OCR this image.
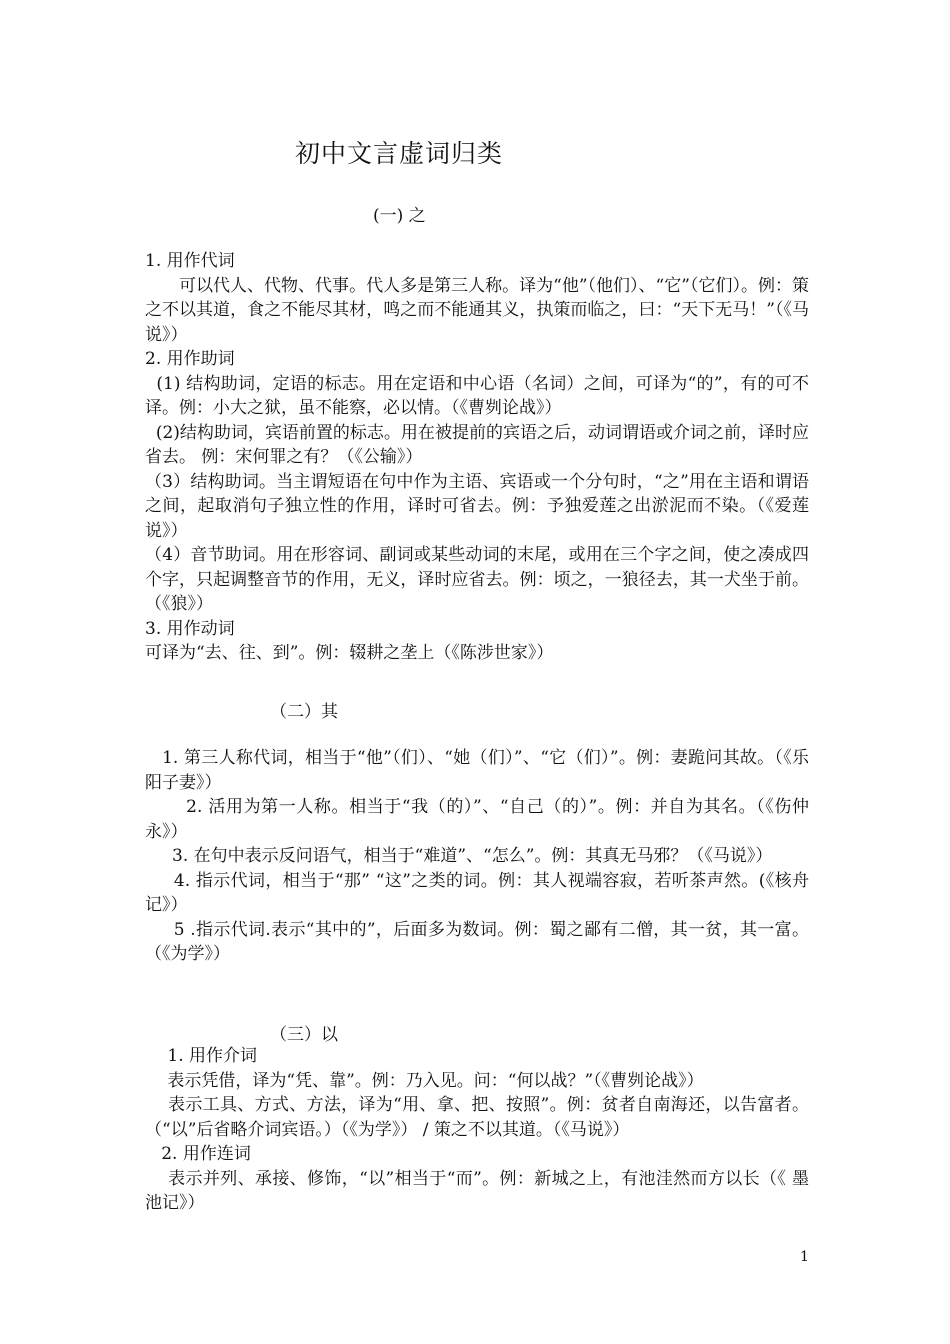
初中文言虚词归类
(一) 之

1. 用作代词

　　可以代人、代物、代事。代人多是第三人称。译为“他”（他们）、“它”（它们）。例：策之不以其道，食之不能尽其材，鸣之而不能通其义，执策而临之，曰：“天下无马！”（《马说》）

2. 用作助词

(1) 结构助词，定语的标志。用在定语和中心语（名词）之间，可译为“的”，有的可不译。例：小大之狱，虽不能察，必以情。（《曹刿论战》）

(2)结构助词，宾语前置的标志。用在被提前的宾语之后，动词谓语或介词之前，译时应省去。 例：宋何罪之有？（《公输》）

（3）结构助词。当主谓短语在句中作为主语、宾语或一个分句时，“之”用在主语和谓语之间，起取消句子独立性的作用，译时可省去。例：予独爱莲之出淤泥而不染。（《爱莲说》）

（4）音节助词。用在形容词、副词或某些动词的末尾，或用在三个字之间，使之凑成四个字，只起调整音节的作用，无义，译时应省去。例：顷之，一狼径去，其一犬坐于前。（《狼》）

3. 用作动词

可译为“去、往、到”。例：辍耕之垄上（《陈涉世家》）

（二）其

1. 第三人称代词，相当于“他”（们）、“她（们）”、“它（们）”。例：妻跪问其故。（《乐阳子妻》）

　　 2. 活用为第一人称。相当于“我（的）”、“自己（的）”。例：并自为其名。（《伤仲永》）

3. 在句中表示反问语气，相当于“难道”、“怎么”。例：其真无马邪？（《马说》）

4. 指示代词，相当于“那” “这”之类的词。例：其人视端容寂，若听茶声然。(《核舟记》）

5 .指示代词.表示“其中的”，后面多为数词。例：蜀之鄙有二僧，其一贫，其一富。（《为学》）

（三）以

　 1. 用作介词

　 表示凭借，译为“凭、靠”。例：乃入见。问：“何以战？”（《曹刿论战》）

　 表示工具、方式、方法，译为“用、拿、把、按照”。例：贫者自南海还，以告富者。（“以”后省略介词宾语。）（《为学》） / 策之不以其道。（《马说》）

2. 用作连词

　 表示并列、承接、修饰，“以”相当于“而”。例：新城之上，有池洼然而方以长（《 墨池记》）

1
